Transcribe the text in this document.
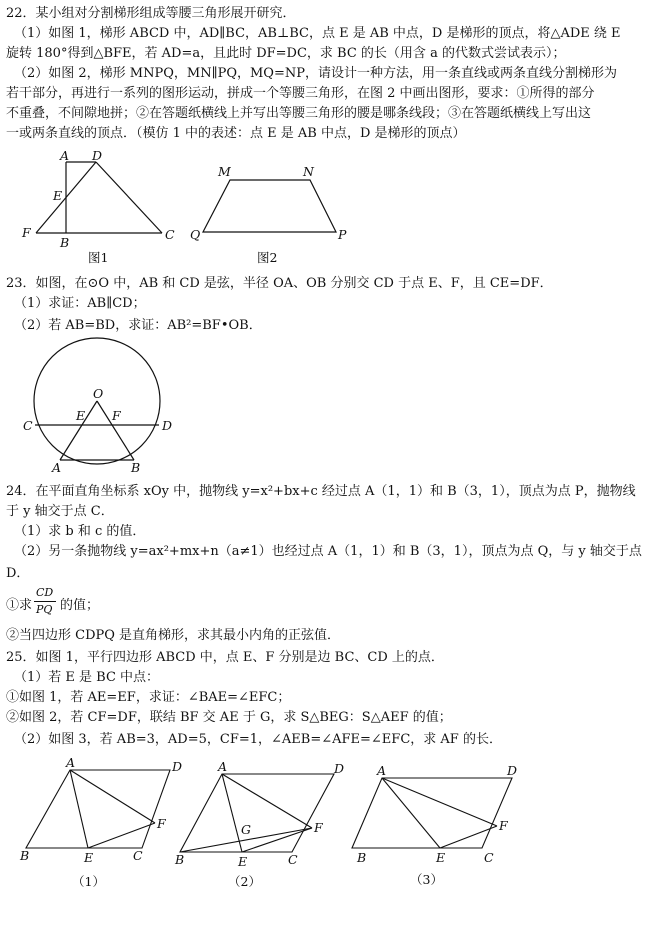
22．某小组对分割梯形组成等腰三角形展开研究．
（1）如图 1，梯形 ABCD 中，AD∥BC，AB⊥BC，点 E 是 AB 中点，D 是梯形的顶点，将△ADE 绕 E
旋转 180°得到△BFE，若 AD=a，且此时 DF=DC，求 BC 的长（用含 a 的代数式尝试表示）；
（2）如图 2，梯形 MNPQ，MN∥PQ，MQ=NP，请设计一种方法，用一条直线或两条直线分割梯形为
若干部分，再进行一系列的图形运动，拼成一个等腰三角形，在图 2 中画出图形，要求：①所得的部分
不重叠，不间隙地拼；②在答题纸横线上并写出等腰三角形的腰是哪条线段；③在答题纸横线上写出这
一或两条直线的顶点．（模仿 1 中的表述：点 E 是 AB 中点，D 是梯形的顶点）
A D
E
F
B
C
图1
M	N
Q	P
图2
23．如图，在⊙O 中，AB 和 CD 是弦，半径 OA、OB 分别交 CD 于点 E、F，且 CE=DF．
（1）求证：AB∥CD；
（2）若 AB=BD，求证：AB²=BF•OB．
O
E F
C	D
A	B
24．在平面直角坐标系 xOy 中，抛物线 y=x²+bx+c 经过点 A（1，1）和 B（3，1），顶点为点 P，抛物线
于 y 轴交于点 C．
（1）求 b 和 c 的值．
（2）另一条抛物线 y=ax²+mx+n（a≠1）也经过点 A（1，1）和 B（3，1），顶点为点 Q，与 y 轴交于点
D．
①求
CD
PQ 的值；
②当四边形 CDPQ 是直角梯形，求其最小内角的正弦值．
25．如图 1，平行四边形 ABCD 中，点 E、F 分别是边 BC、CD 上的点．
（1）若 E 是 BC 中点：
①如图 1，若 AE=EF，求证：∠BAE=∠EFC；
②如图 2，若 CF=DF，联结 BF 交 AE 于 G，求 S△BEG：S△AEF 的值；
（2）如图 3，若 AB=3，AD=5，CF=1，∠AEB=∠AFE=∠EFC，求 AF 的长．
A	D
F
B	E	C
（1）
A	D
G	F
B	E	C
（2）
A	D
F
B	E	C
（3）
